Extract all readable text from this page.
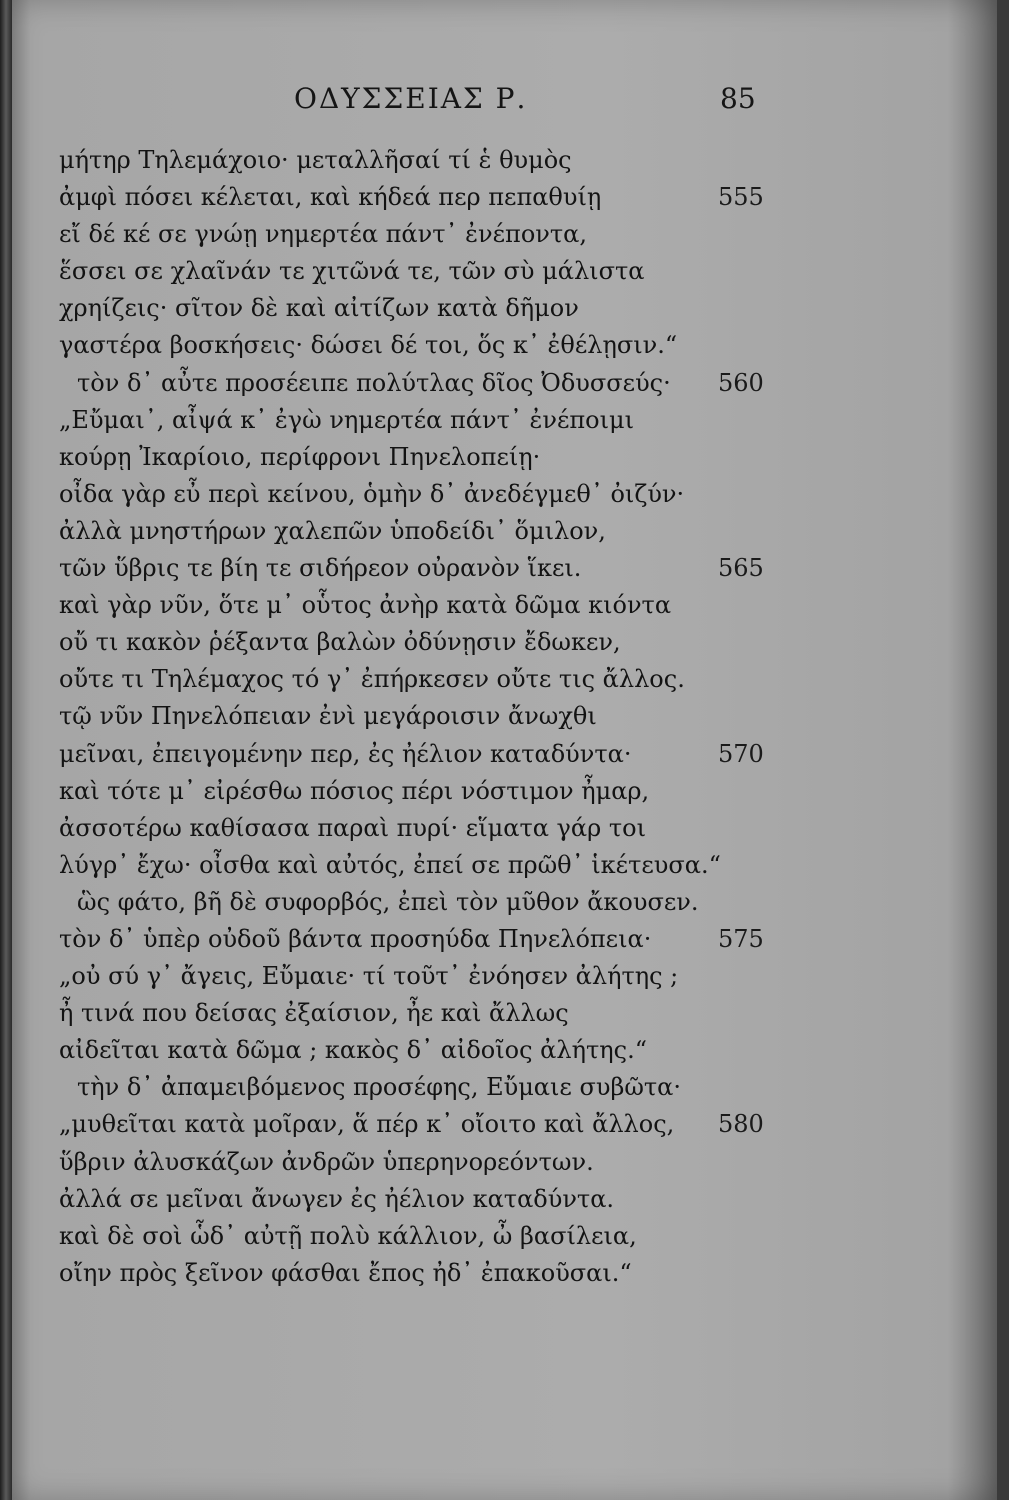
ΟΔΥΣΣΕΙΑΣ Ρ.	85
μήτηρ Τηλεμάχοιο· μεταλλῆσαί τί ἑ θυμὸς
ἀμφὶ πόσει κέλεται, καὶ κήδεά περ πεπαθυίῃ	555
εἴ δέ κέ σε γνώῃ νημερτέα πάντ᾽ ἐνέποντα,
ἕσσει σε χλαῖνάν τε χιτῶνά τε, τῶν σὺ μάλιστα
χρηίζεις· σῖτον δὲ καὶ αἰτίζων κατὰ δῆμον
γαστέρα βοσκήσεις· δώσει δέ τοι, ὅς κ᾽ ἐθέλῃσιν.“
τὸν δ᾽ αὖτε προσέειπε πολύτλας δῖος Ὀδυσσεύς· 560
„Εὔμαι᾽, αἶψά κ᾽ ἐγὼ νημερτέα πάντ᾽ ἐνέποιμι
κούρῃ Ἰκαρίοιο, περίφρονι Πηνελοπείῃ·
οἶδα γὰρ εὖ περὶ κείνου, ὁμὴν δ᾽ ἀνεδέγμεθ᾽ ὀιζύν·
ἀλλὰ μνηστήρων χαλεπῶν ὑποδείδι᾽ ὅμιλον,
τῶν ὕβρις τε βίη τε σιδήρεον οὐρανὸν ἵκει.	565
καὶ γὰρ νῦν, ὅτε μ᾽ οὗτος ἀνὴρ κατὰ δῶμα κιόντα
οὔ τι κακὸν ῥέξαντα βαλὼν ὀδύνῃσιν ἔδωκεν,
οὔτε τι Τηλέμαχος τό γ᾽ ἐπήρκεσεν οὔτε τις ἄλλος.
τῷ νῦν Πηνελόπειαν ἐνὶ μεγάροισιν ἄνωχθι
μεῖναι, ἐπειγομένην περ, ἐς ἠέλιον καταδύντα·	570
καὶ τότε μ᾽ εἰρέσθω πόσιος πέρι νόστιμον ἦμαρ,
ἀσσοτέρω καθίσασα παραὶ πυρί· εἵματα γάρ τοι
λύγρ᾽ ἔχω· οἶσθα καὶ αὐτός, ἐπεί σε πρῶθ᾽ ἱκέτευσα.“
ὣς φάτο, βῆ δὲ συφορβός, ἐπεὶ τὸν μῦθον ἄκουσεν.
τὸν δ᾽ ὑπὲρ οὐδοῦ βάντα προσηύδα Πηνελόπεια·	575
„οὐ σύ γ᾽ ἄγεις, Εὔμαιε· τί τοῦτ᾽ ἐνόησεν ἀλήτης ;
ἦ τινά που δείσας ἐξαίσιον, ἦε καὶ ἄλλως
αἰδεῖται κατὰ δῶμα ; κακὸς δ᾽ αἰδοῖος ἀλήτης.“
τὴν δ᾽ ἀπαμειβόμενος προσέφης, Εὔμαιε συβῶτα·
„μυθεῖται κατὰ μοῖραν, ἅ πέρ κ᾽ οἴοιτο καὶ ἄλλος, 580
ὕβριν ἀλυσκάζων ἀνδρῶν ὑπερηνορεόντων.
ἀλλά σε μεῖναι ἄνωγεν ἐς ἠέλιον καταδύντα.
καὶ δὲ σοὶ ὧδ᾽ αὐτῇ πολὺ κάλλιον, ὦ βασίλεια,
οἴην πρὸς ξεῖνον φάσθαι ἔπος ἠδ᾽ ἐπακοῦσαι.“
